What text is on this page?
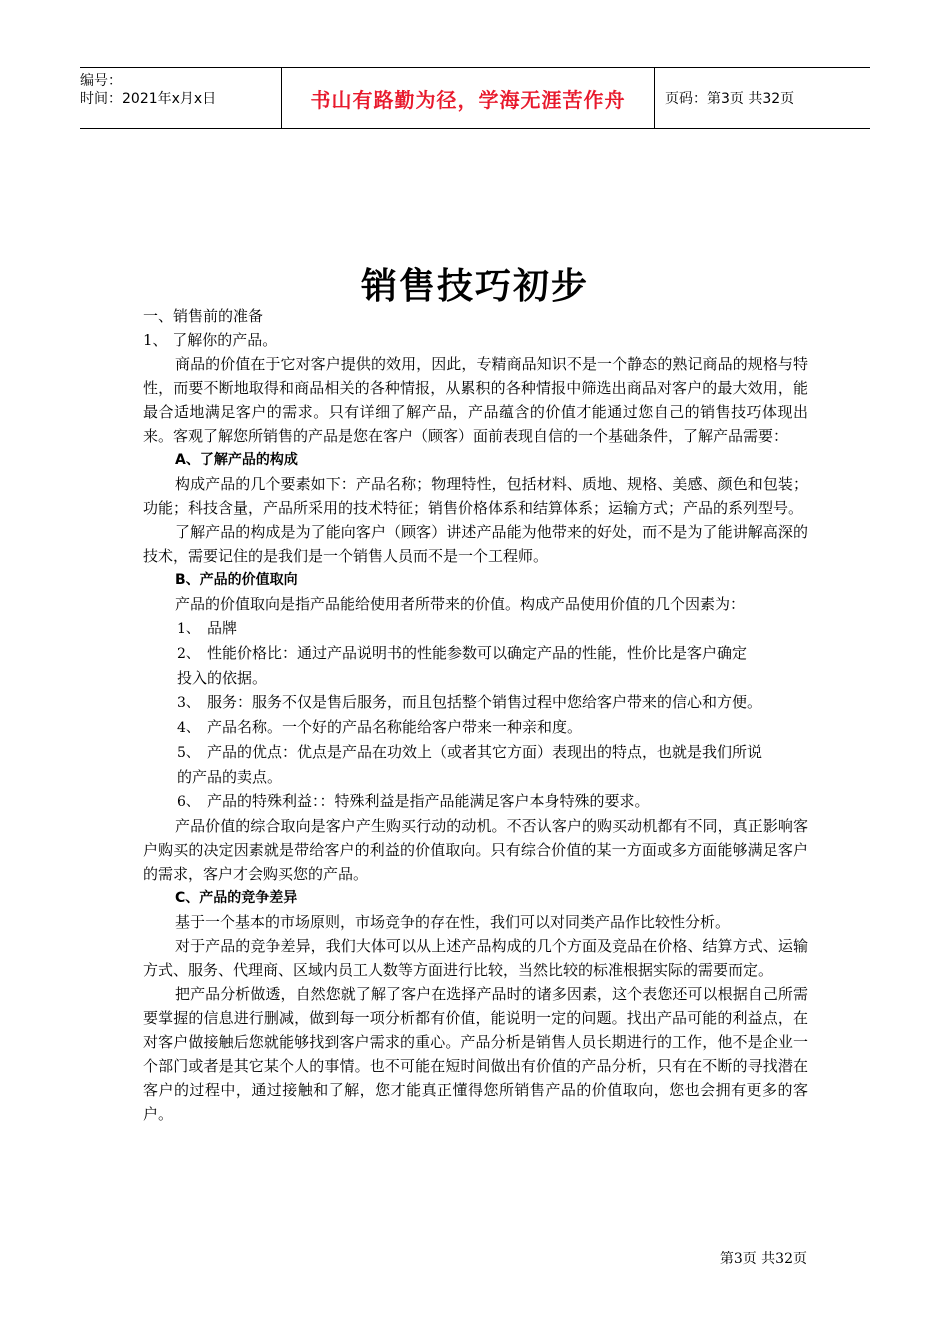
编号：
时间：2021年x月x日	书山有路勤为径，学海无涯苦作舟	页码：第3页 共32页
销售技巧初步

一、销售前的准备

1、 了解你的产品。

商品的价值在于它对客户提供的效用，因此，专精商品知识不是一个静态的熟记商品的规格与特性，而要不断地取得和商品相关的各种情报，从累积的各种情报中筛选出商品对客户的最大效用，能最合适地满足客户的需求。只有详细了解产品，产品蕴含的价值才能通过您自己的销售技巧体现出来。客观了解您所销售的产品是您在客户（顾客）面前表现自信的一个基础条件，了解产品需要：

A、了解产品的构成

构成产品的几个要素如下：产品名称；物理特性，包括材料、质地、规格、美感、颜色和包装；功能；科技含量，产品所采用的技术特征；销售价格体系和结算体系；运输方式；产品的系列型号。

了解产品的构成是为了能向客户（顾客）讲述产品能为他带来的好处，而不是为了能讲解高深的技术，需要记住的是我们是一个销售人员而不是一个工程师。

B、产品的价值取向

产品的价值取向是指产品能给使用者所带来的价值。构成产品使用价值的几个因素为：

1、 品牌

2、 性能价格比：通过产品说明书的性能参数可以确定产品的性能，性价比是客户确定

投入的依据。

3、 服务：服务不仅是售后服务，而且包括整个销售过程中您给客户带来的信心和方便。

4、 产品名称。一个好的产品名称能给客户带来一种亲和度。

5、 产品的优点：优点是产品在功效上（或者其它方面）表现出的特点，也就是我们所说

的产品的卖点。

6、 产品的特殊利益：：特殊利益是指产品能满足客户本身特殊的要求。

产品价值的综合取向是客户产生购买行动的动机。不否认客户的购买动机都有不同，真正影响客户购买的决定因素就是带给客户的利益的价值取向。只有综合价值的某一方面或多方面能够满足客户的需求，客户才会购买您的产品。

C、产品的竞争差异

基于一个基本的市场原则，市场竞争的存在性，我们可以对同类产品作比较性分析。

对于产品的竞争差异，我们大体可以从上述产品构成的几个方面及竞品在价格、结算方式、运输方式、服务、代理商、区域内员工人数等方面进行比较，当然比较的标准根据实际的需要而定。

把产品分析做透，自然您就了解了客户在选择产品时的诸多因素，这个表您还可以根据自己所需要掌握的信息进行删减，做到每一项分析都有价值，能说明一定的问题。找出产品可能的利益点，在对客户做接触后您就能够找到客户需求的重心。产品分析是销售人员长期进行的工作，他不是企业一个部门或者是其它某个人的事情。也不可能在短时间做出有价值的产品分析，只有在不断的寻找潜在客户的过程中，通过接触和了解，您才能真正懂得您所销售产品的价值取向，您也会拥有更多的客户。

第3页 共32页
